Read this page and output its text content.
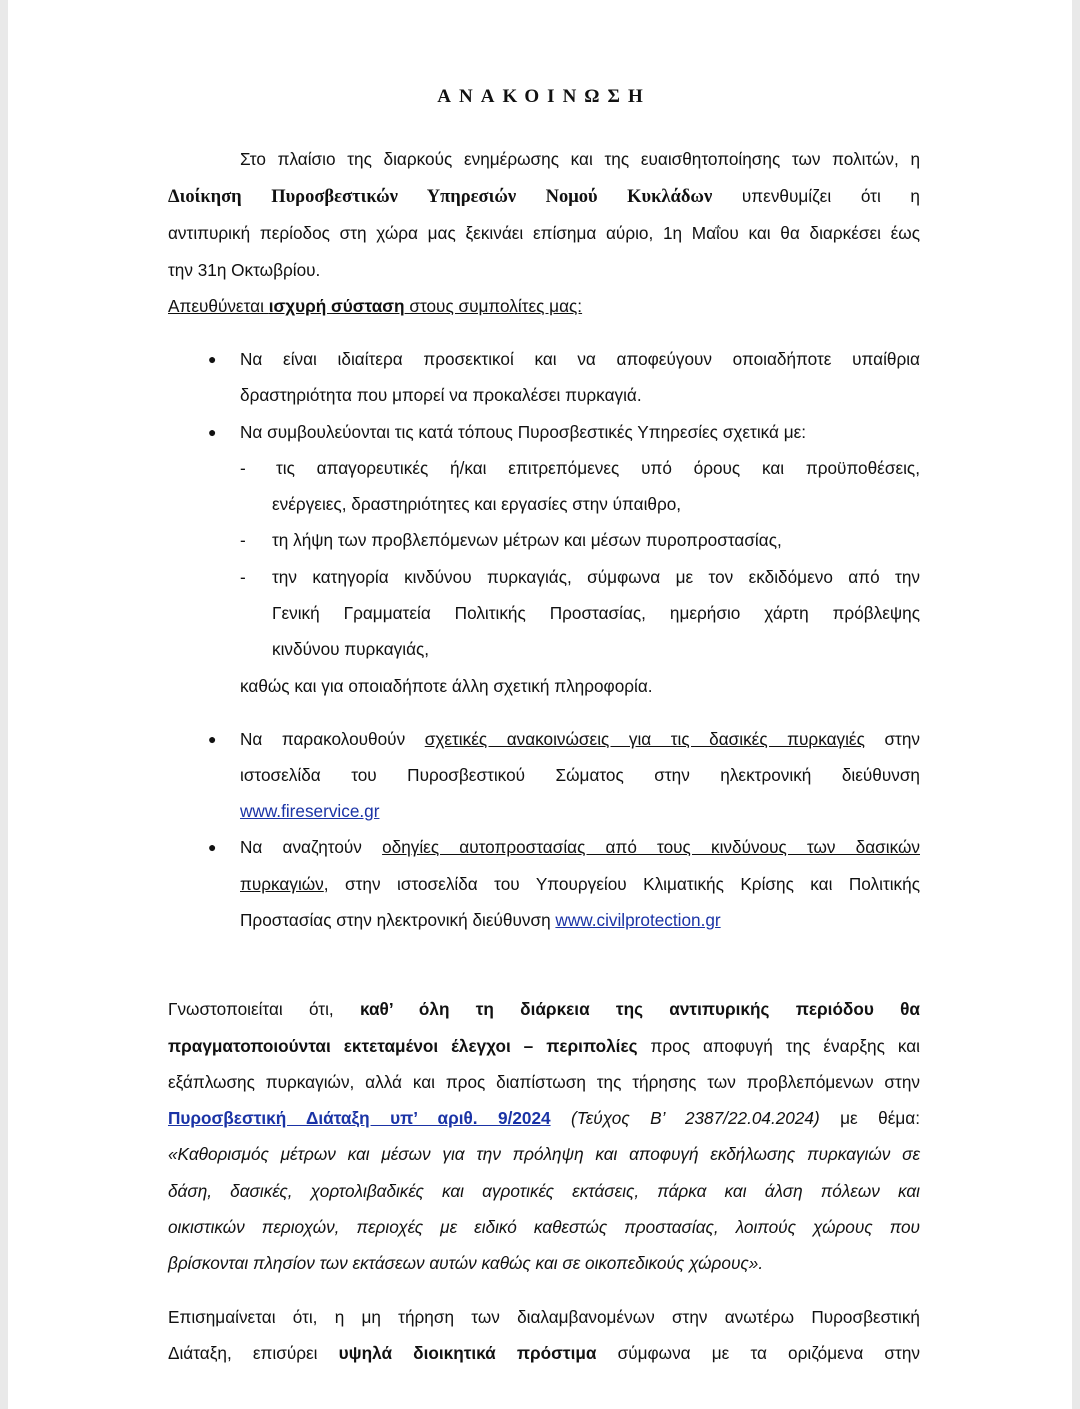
ΑΝΑΚΟΙΝΩΣΗ
Στο πλαίσιο της διαρκούς ενημέρωσης και της ευαισθητοποίησης των πολιτών, η
Διοίκηση Πυροσβεστικών Υπηρεσιών Νομού Κυκλάδων υπενθυμίζει ότι η
αντιπυρική περίοδος στη χώρα μας ξεκινάει επίσημα αύριο, 1η Μαΐου και θα διαρκέσει έως
την 31η Οκτωβρίου.
Απευθύνεται ισχυρή σύσταση στους συμπολίτες μας:
● Να είναι ιδιαίτερα προσεκτικοί και να αποφεύγουν οποιαδήποτε υπαίθρια
δραστηριότητα που μπορεί να προκαλέσει πυρκαγιά.
● Να συμβουλεύονται τις κατά τόπους Πυροσβεστικές Υπηρεσίες σχετικά με:
- τις απαγορευτικές ή/και επιτρεπόμενες υπό όρους και προϋποθέσεις,
ενέργειες, δραστηριότητες και εργασίες στην ύπαιθρο,
- τη λήψη των προβλεπόμενων μέτρων και μέσων πυροπροστασίας,
- την κατηγορία κινδύνου πυρκαγιάς, σύμφωνα με τον εκδιδόμενο από την
Γενική Γραμματεία Πολιτικής Προστασίας, ημερήσιο χάρτη πρόβλεψης
κινδύνου πυρκαγιάς,
καθώς και για οποιαδήποτε άλλη σχετική πληροφορία.
● Να παρακολουθούν σχετικές ανακοινώσεις για τις δασικές πυρκαγιές στην
ιστοσελίδα του Πυροσβεστικού Σώματος στην ηλεκτρονική διεύθυνση
www.fireservice.gr
● Να αναζητούν οδηγίες αυτοπροστασίας από τους κινδύνους των δασικών
πυρκαγιών, στην ιστοσελίδα του Υπουργείου Κλιματικής Κρίσης και Πολιτικής
Προστασίας στην ηλεκτρονική διεύθυνση www.civilprotection.gr
Γνωστοποιείται ότι, καθ’ όλη τη διάρκεια της αντιπυρικής περιόδου θα
πραγματοποιούνται εκτεταμένοι έλεγχοι – περιπολίες προς αποφυγή της έναρξης και
εξάπλωσης πυρκαγιών, αλλά και προς διαπίστωση της τήρησης των προβλεπόμενων στην
Πυροσβεστική Διάταξη υπ’ αριθ. 9/2024 (Τεύχος Β’ 2387/22.04.2024) με θέμα:
«Καθορισμός μέτρων και μέσων για την πρόληψη και αποφυγή εκδήλωσης πυρκαγιών σε
δάση, δασικές, χορτολιβαδικές και αγροτικές εκτάσεις, πάρκα και άλση πόλεων και
οικιστικών περιοχών, περιοχές με ειδικό καθεστώς προστασίας, λοιπούς χώρους που
βρίσκονται πλησίον των εκτάσεων αυτών καθώς και σε οικοπεδικούς χώρους».
Επισημαίνεται ότι, η μη τήρηση των διαλαμβανομένων στην ανωτέρω Πυροσβεστική
Διάταξη, επισύρει υψηλά διοικητικά πρόστιμα σύμφωνα με τα οριζόμενα στην
